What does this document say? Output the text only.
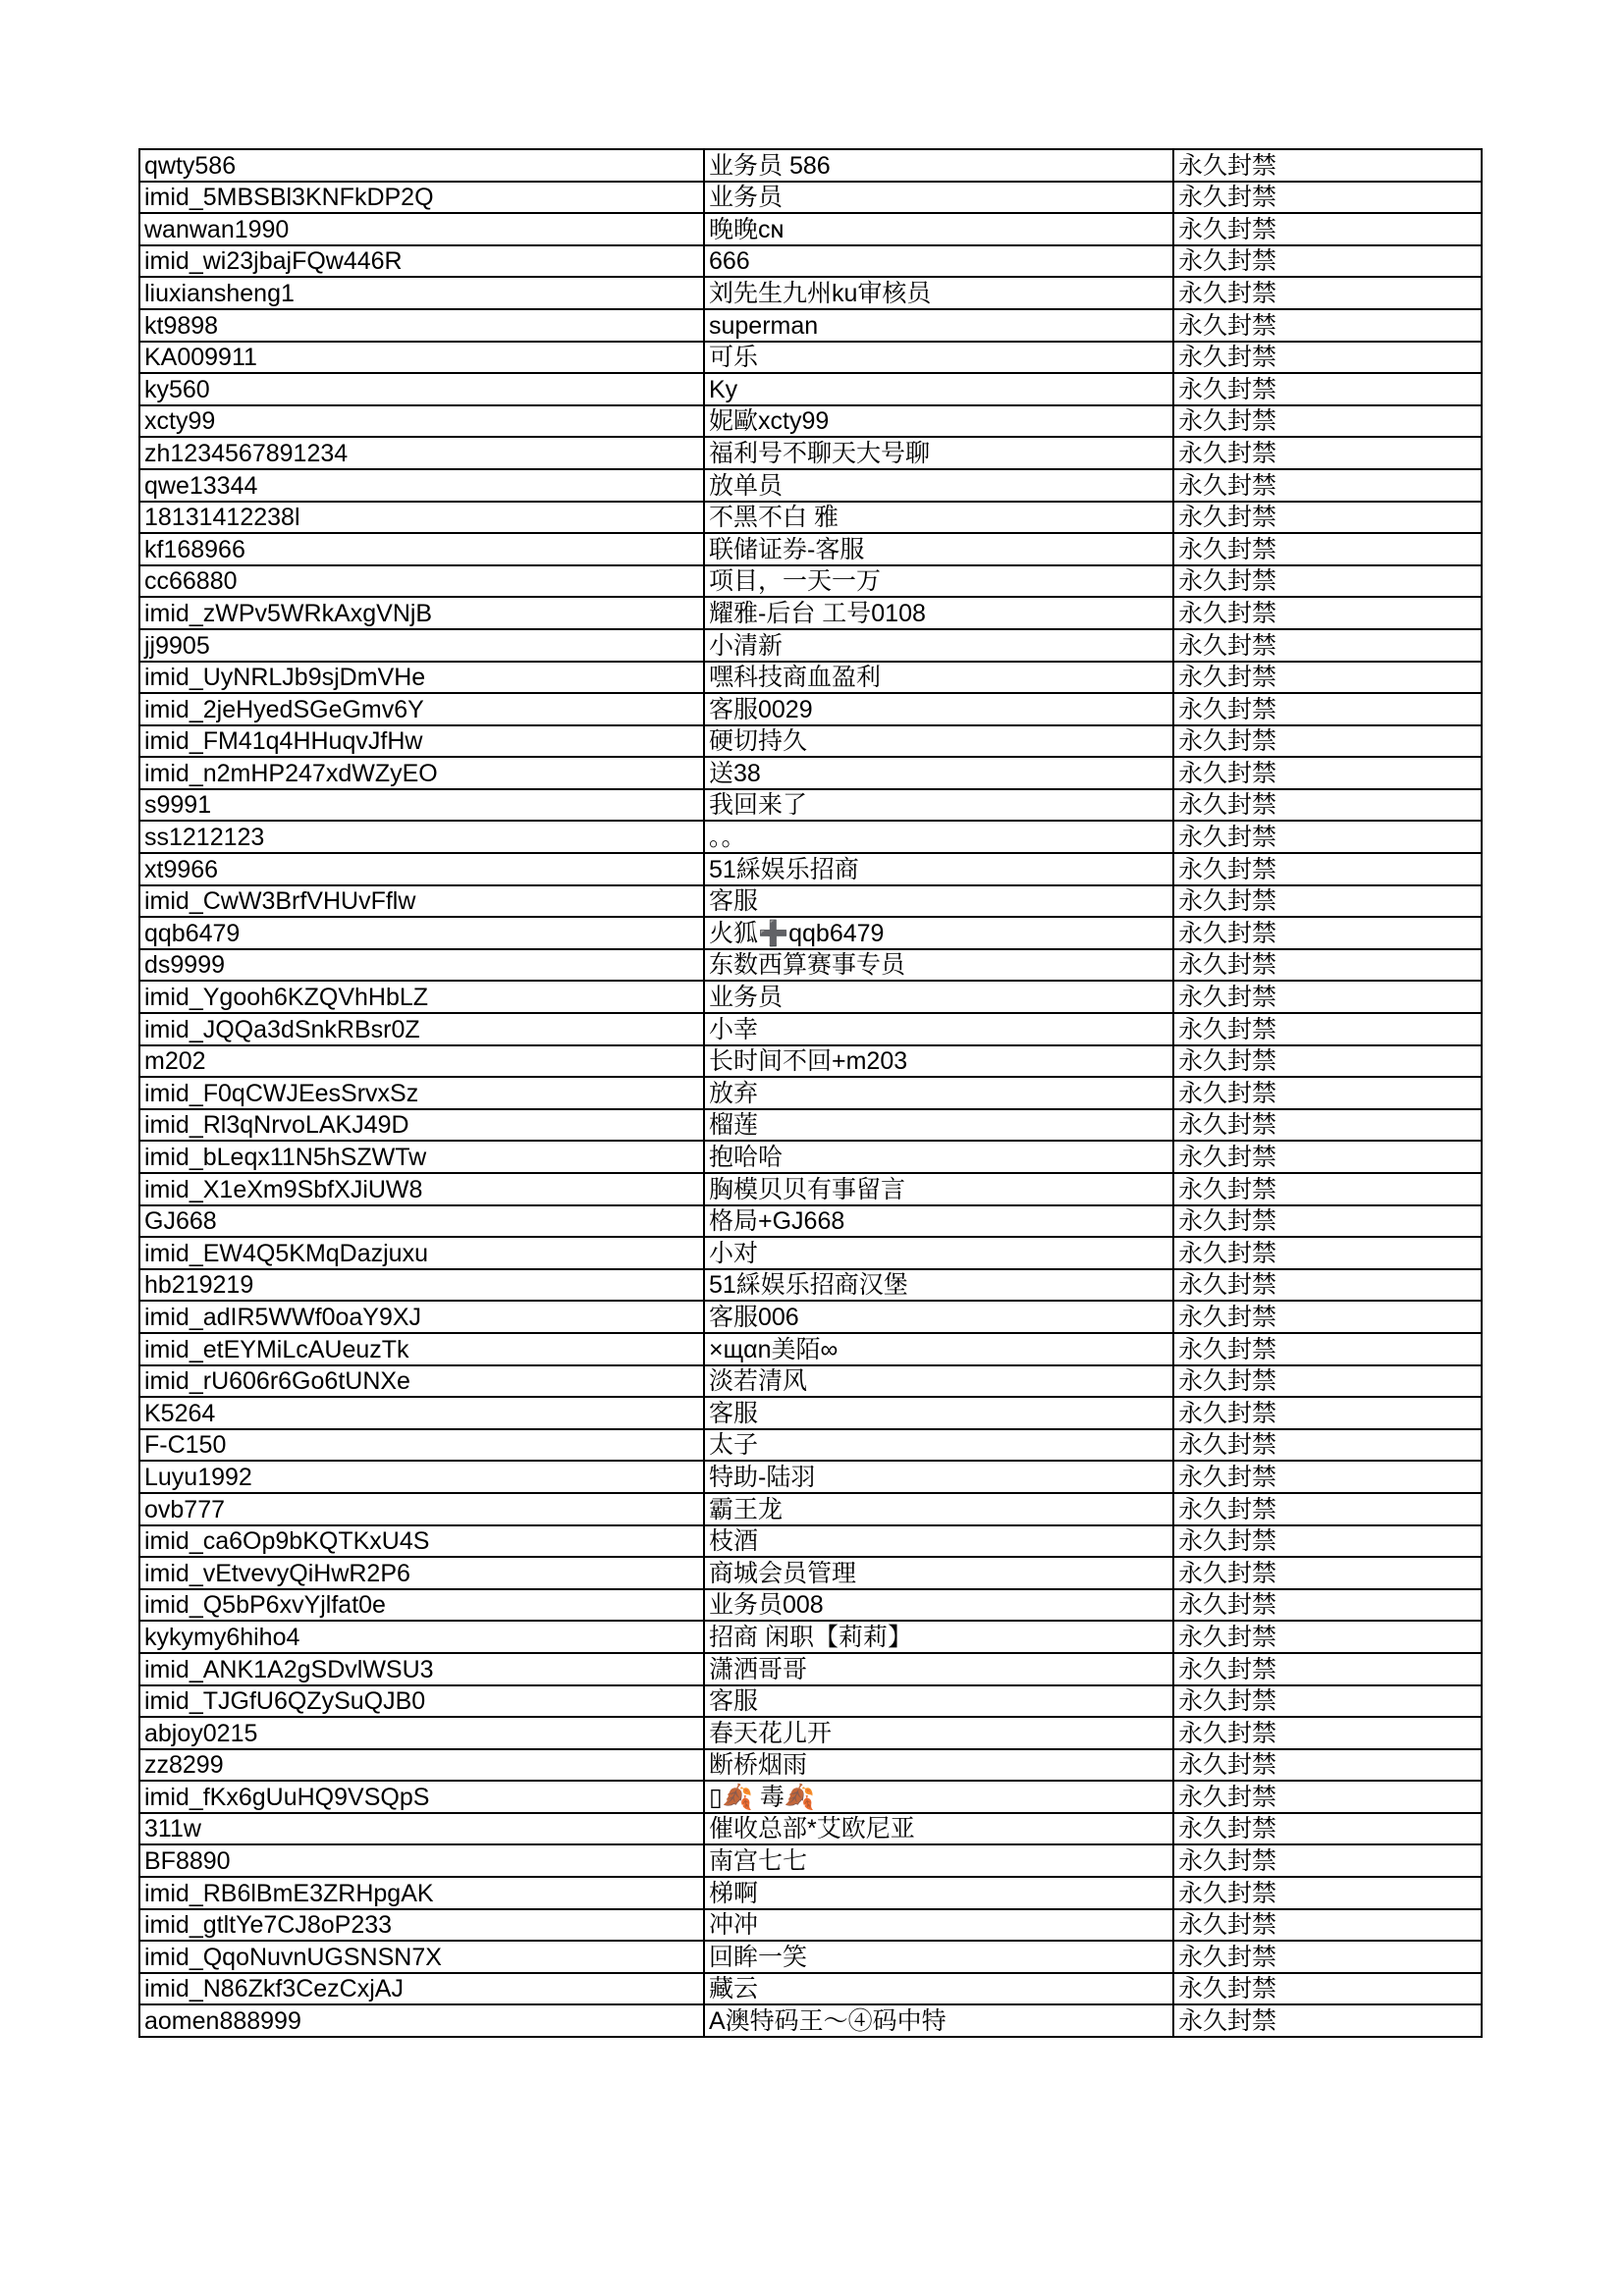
qwty586	业务员 586	永久封禁
imid_5MBSBl3KNFkDP2Q	业务员	永久封禁
wanwan1990	晚晚ᴄɴ	永久封禁
imid_wi23jbajFQw446R	666	永久封禁
liuxiansheng1	刘先生九州ku审核员	永久封禁
kt9898	superman	永久封禁
KA009911	可乐	永久封禁
ky560	Ky	永久封禁
xcty99	妮歐xcty99	永久封禁
zh1234567891234	福利号不聊天大号聊	永久封禁
qwe13344	放单员	永久封禁
18131412238l	不黑不白 雅	永久封禁
kf168966	联储证券-客服	永久封禁
cc66880	项目，一天一万	永久封禁
imid_zWPv5WRkAxgVNjB	耀雅-后台 工号0108	永久封禁
jj9905	小清新	永久封禁
imid_UyNRLJb9sjDmVHe	嘿科技商血盈利	永久封禁
imid_2jeHyedSGeGmv6Y	客服0029	永久封禁
imid_FM41q4HHuqvJfHw	硬切持久	永久封禁
imid_n2mHP247xdWZyEO	送38	永久封禁
s9991	我回来了	永久封禁
ss1212123	。。	永久封禁
xt9966	51綵娱乐招商	永久封禁
imid_CwW3BrfVHUvFflw	客服	永久封禁
qqb6479	火狐➕qqb6479	永久封禁
ds9999	东数西算赛事专员	永久封禁
imid_Ygooh6KZQVhHbLZ	业务员	永久封禁
imid_JQQa3dSnkRBsr0Z	小幸	永久封禁
m202	长时间不回+m203	永久封禁
imid_F0qCWJEesSrvxSz	放弃	永久封禁
imid_Rl3qNrvoLAKJ49D	榴莲	永久封禁
imid_bLeqx11N5hSZWTw	抱哈哈	永久封禁
imid_X1eXm9SbfXJiUW8	胸模贝贝有事留言	永久封禁
GJ668	格局+GJ668	永久封禁
imid_EW4Q5KMqDazjuxu	小对	永久封禁
hb219219	51綵娱乐招商汉堡	永久封禁
imid_adIR5WWf0oaY9XJ	客服006	永久封禁
imid_etEYMiLcAUeuzTk	×щαn美陌∞	永久封禁
imid_rU606r6Go6tUNXe	淡若清风	永久封禁
K5264	客服	永久封禁
F-C150	太子	永久封禁
Luyu1992	特助-陆羽	永久封禁
ovb777	霸王龙	永久封禁
imid_ca6Op9bKQTKxU4S	枝酒	永久封禁
imid_vEtvevyQiHwR2P6	商城会员管理	永久封禁
imid_Q5bP6xvYjlfat0e	业务员008	永久封禁
kykymy6hiho4	招商 闲职【莉莉】	永久封禁
imid_ANK1A2gSDvlWSU3	潇洒哥哥	永久封禁
imid_TJGfU6QZySuQJB0	客服	永久封禁
abjoy0215	春天花儿开	永久封禁
zz8299	断桥烟雨	永久封禁
imid_fKx6gUuHQ9VSQpS	▯🍂 毒🍂	永久封禁
311w	催收总部*艾欧尼亚	永久封禁
BF8890	南宫七七	永久封禁
imid_RB6lBmE3ZRHpgAK	梯啊	永久封禁
imid_gtltYe7CJ8oP233	冲冲	永久封禁
imid_QqoNuvnUGSNSN7X	回眸一笑	永久封禁
imid_N86Zkf3CezCxjAJ	藏云	永久封禁
aomen888999	A澳特码王～④码中特	永久封禁
